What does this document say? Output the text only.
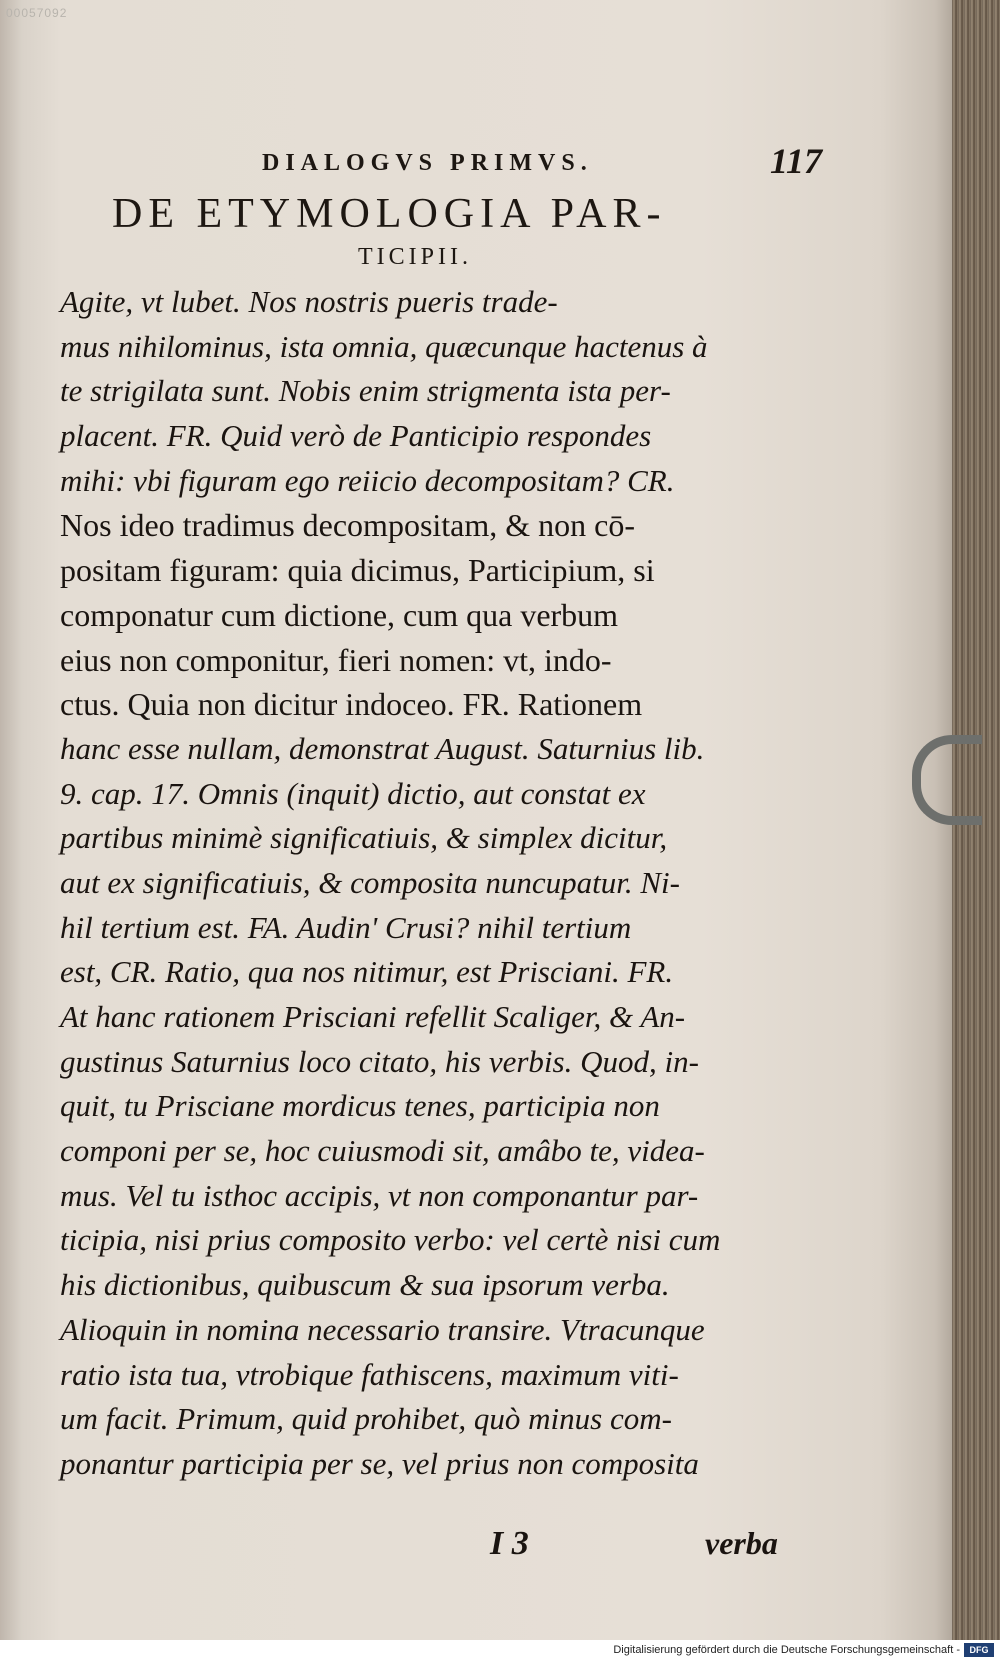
00057092
DIALOGVS PRIMVS.	117
DE ETYMOLOGIA PAR-
TICIPII.
Agite, vt lubet. Nos nostris pueris trade-
mus nihilominus, ista omnia, quæcunque hactenus à
te strigilata sunt. Nobis enim strigmenta ista per-
placent. FR. Quid verò de Panticipio respondes
mihi: vbi figuram ego reiicio decompositam? CR.
Nos ideo tradimus decompositam, & non cō-
positam figuram: quia dicimus, Participium, si
componatur cum dictione, cum qua verbum
eius non componitur, fieri nomen: vt, indo-
ctus. Quia non dicitur indoceo. FR. Rationem
hanc esse nullam, demonstrat August. Saturnius lib.
9. cap. 17. Omnis (inquit) dictio, aut constat ex
partibus minimè significatiuis, & simplex dicitur,
aut ex significatiuis, & composita nuncupatur. Ni-
hil tertium est. FA. Audin' Crusi? nihil tertium
est, CR. Ratio, qua nos nitimur, est Prisciani. FR.
At hanc rationem Prisciani refellit Scaliger, & An-
gustinus Saturnius loco citato, his verbis. Quod, in-
quit, tu Prisciane mordicus tenes, participia non
componi per se, hoc cuiusmodi sit, amâbo te, videa-
mus. Vel tu isthoc accipis, vt non componantur par-
ticipia, nisi prius composito verbo: vel certè nisi cum
his dictionibus, quibuscum & sua ipsorum verba.
Alioquin in nomina necessario transire. Vtracunque
ratio ista tua, vtrobique fathiscens, maximum viti-
um facit. Primum, quid prohibet, quò minus com-
ponantur participia per se, vel prius non composita
I 3	verba
Digitalisierung gefördert durch die Deutsche Forschungsgemeinschaft -	DFG
